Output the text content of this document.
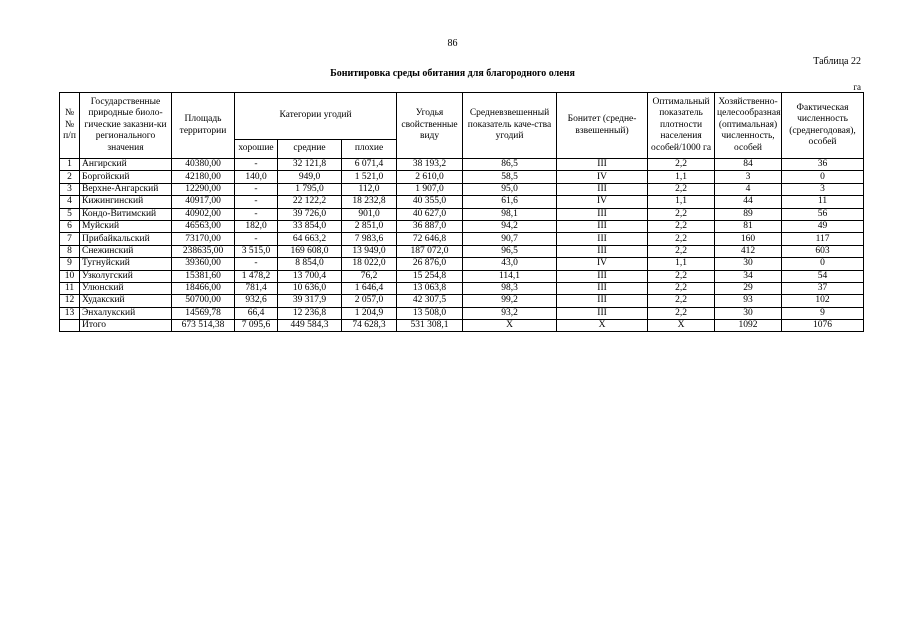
86
Таблица 22
Бонитировка среды обитания для благородного оленя
га
№№ п/п	Государственные природные биоло-гические заказни-ки регионального значения	Площадь территории	Категории угодий			Угодья свойственные виду	Средневзвешенный показатель каче-ства угодий	Бонитет (средне-взвешенный)	Оптимальный показатель плотности населения особей/1000 га	Хозяйственно-целесообразная (оптимальная) численность, особей	Фактическая численность (среднегодовая), особей
			хорошие	средние	плохие						
1	Ангирский	40380,00	-	32 121,8	6 071,4	38 193,2	86,5	III	2,2	84	36
2	Боргойский	42180,00	140,0	949,0	1 521,0	2 610,0	58,5	IV	1,1	3	0
3	Верхне-Ангарский	12290,00	-	1 795,0	112,0	1 907,0	95,0	III	2,2	4	3
4	Кижингинский	40917,00	-	22 122,2	18 232,8	40 355,0	61,6	IV	1,1	44	11
5	Кондо-Витимский	40902,00	-	39 726,0	901,0	40 627,0	98,1	III	2,2	89	56
6	Муйский	46563,00	182,0	33 854,0	2 851,0	36 887,0	94,2	III	2,2	81	49
7	Прибайкальский	73170,00	-	64 663,2	7 983,6	72 646,8	90,7	III	2,2	160	117
8	Снежинский	238635,00	3 515,0	169 608,0	13 949,0	187 072,0	96,5	III	2,2	412	603
9	Тугнуйский	39360,00	-	8 854,0	18 022,0	26 876,0	43,0	IV	1,1	30	0
10	Узколугский	15381,60	1 478,2	13 700,4	76,2	15 254,8	114,1	III	2,2	34	54
11	Улюнский	18466,00	781,4	10 636,0	1 646,4	13 063,8	98,3	III	2,2	29	37
12	Худакский	50700,00	932,6	39 317,9	2 057,0	42 307,5	99,2	III	2,2	93	102
13	Энхалукский	14569,78	66,4	12 236,8	1 204,9	13 508,0	93,2	III	2,2	30	9
	Итого	673 514,38	7 095,6	449 584,3	74 628,3	531 308,1	X	X	X	1092	1076
